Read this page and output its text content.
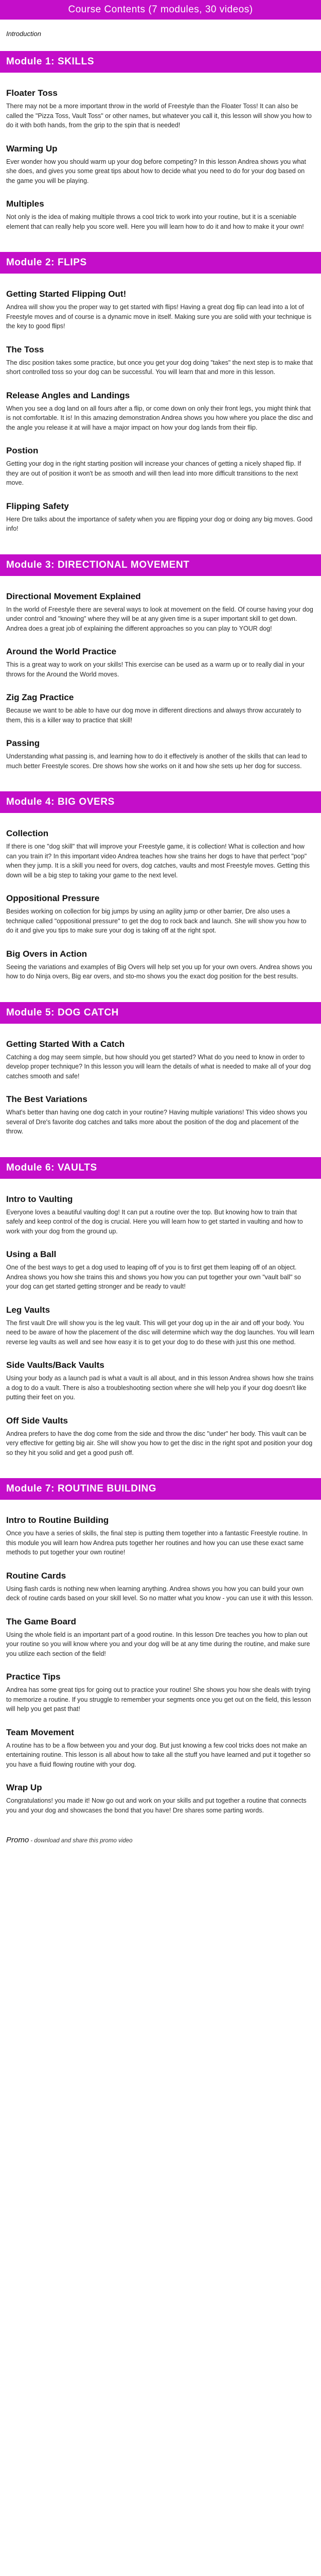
Course Contents (7 modules, 30 videos)
Introduction
Module 1: SKILLS
Floater Toss

There may not be a more important throw in the world of Freestyle than the Floater Toss! It can also be called the "Pizza Toss, Vault Toss" or other names, but whatever you call it, this lesson will show you how to do it with both hands, from the grip to the spin that is needed!

Warming Up

Ever wonder how you should warm up your dog before competing? In this lesson Andrea shows you what she does, and gives you some great tips about how to decide what you need to do for your dog based on the game you will be playing.

Multiples

Not only is the idea of making multiple throws a cool trick to work into your routine, but it is a sceniable element that can really help you score well. Here you will learn how to do it and how to make it your own!

Module 2: FLIPS
Getting Started Flipping Out!

Andrea will show you the proper way to get started with flips! Having a great dog flip can lead into a lot of Freestyle moves and of course is a dynamic move in itself. Making sure you are solid with your technique is the key to good flips!

The Toss

The disc position takes some practice, but once you get your dog doing "takes" the next step is to make that short controlled toss so your dog can be successful. You will learn that and more in this lesson.

Release Angles and Landings

When you see a dog land on all fours after a flip, or come down on only their front legs, you might think that is not comfortable. It is! In this amazing demonstration Andrea shows you how where you place the disc and the angle you release it at will have a major impact on how your dog lands from their flip.

Postion

Getting your dog in the right starting position will increase your chances of getting a nicely shaped flip. If they are out of position it won't be as smooth and will then lead into more difficult transitions to the next move.

Flipping Safety

Here Dre talks about the importance of safety when you are flipping your dog or doing any big moves. Good info!

Module 3: DIRECTIONAL MOVEMENT
Directional Movement Explained

In the world of Freestyle there are several ways to look at movement on the field. Of course having your dog under control and "knowing" where they will be at any given time is a super important skill to get down. Andrea does a great job of explaining the different approaches so you can play to YOUR dog!

Around the World Practice

This is a great way to work on your skills! This exercise can be used as a warm up or to really dial in your throws for the Around the World moves.

Zig Zag Practice

Because we want to be able to have our dog move in different directions and always throw accurately to them, this is a killer way to practice that skill!

Passing

Understanding what passing is, and learning how to do it effectively is another of the skills that can lead to much better Freestyle scores. Dre shows how she works on it and how she sets up her dog for success.

Module 4: BIG OVERS
Collection

If there is one "dog skill" that will improve your Freestyle game, it is collection! What is collection and how can you train it? In this important video Andrea teaches how she trains her dogs to have that perfect "pop" when they jump. It is a skill you need for overs, dog catches, vaults and most Freestyle moves. Getting this down will be a big step to taking your game to the next level.

Oppositional Pressure

Besides working on collection for big jumps by using an agility jump or other barrier, Dre also uses a technique called "oppositional pressure" to get the dog to rock back and launch. She will show you how to do it and give you tips to make sure your dog is taking off at the right spot.

Big Overs in Action

Seeing the variations and examples of Big Overs will help set you up for your own overs. Andrea shows you how to do Ninja overs, Big ear overs, and sto-mo shows you the exact dog position for the best results.

Module 5: DOG CATCH
Getting Started With a Catch

Catching a dog may seem simple, but how should you get started? What do you need to know in order to develop proper technique? In this lesson you will learn the details of what is needed to make all of your dog catches smooth and safe!

The Best Variations

What's better than having one dog catch in your routine? Having multiple variations! This video shows you several of Dre's favorite dog catches and talks more about the position of the dog and placement of the throw.

Module 6: VAULTS
Intro to Vaulting

Everyone loves a beautiful vaulting dog! It can put a routine over the top. But knowing how to train that safely and keep control of the dog is crucial. Here you will learn how to get started in vaulting and how to work with your dog from the ground up.

Using a Ball

One of the best ways to get a dog used to leaping off of you is to first get them leaping off of an object. Andrea shows you how she trains this and shows you how you can put together your own "vault ball" so your dog can get started getting stronger and be ready to vault!

Leg Vaults

The first vault Dre will show you is the leg vault. This will get your dog up in the air and off your body. You need to be aware of how the placement of the disc will determine which way the dog launches. You will learn reverse leg vaults as well and see how easy it is to get your dog to do these with just this one method.

Side Vaults/Back Vaults

Using your body as a launch pad is what a vault is all about, and in this lesson Andrea shows how she trains a dog to do a vault. There is also a troubleshooting section where she will help you if your dog doesn't like putting their feet on you.

Off Side Vaults

Andrea prefers to have the dog come from the side and throw the disc "under" her body. This vault can be very effective for getting big air. She will show you how to get the disc in the right spot and position your dog so they hit you solid and get a good push off.

Module 7: ROUTINE BUILDING
Intro to Routine Building

Once you have a series of skills, the final step is putting them together into a fantastic Freestyle routine. In this module you will learn how Andrea puts together her routines and how you can use these exact same methods to put together your own routine!

Routine Cards

Using flash cards is nothing new when learning anything. Andrea shows you how you can build your own deck of routine cards based on your skill level. So no matter what you know - you can use it with this lesson.

The Game Board

Using the whole field is an important part of a good routine. In this lesson Dre teaches you how to plan out your routine so you will know where you and your dog will be at any time during the routine, and make sure you utilize each section of the field!

Practice Tips

Andrea has some great tips for going out to practice your routine! She shows you how she deals with trying to memorize a routine. If you struggle to remember your segments once you get out on the field, this lesson will help you get past that!

Team Movement

A routine has to be a flow between you and your dog. But just knowing a few cool tricks does not make an entertaining routine. This lesson is all about how to take all the stuff you have learned and put it together so you have a fluid flowing routine with your dog.

Wrap Up

Congratulations! you made it! Now go out and work on your skills and put together a routine that connects you and your dog and showcases the bond that you have! Dre shares some parting words.

Promo - download and share this promo video
